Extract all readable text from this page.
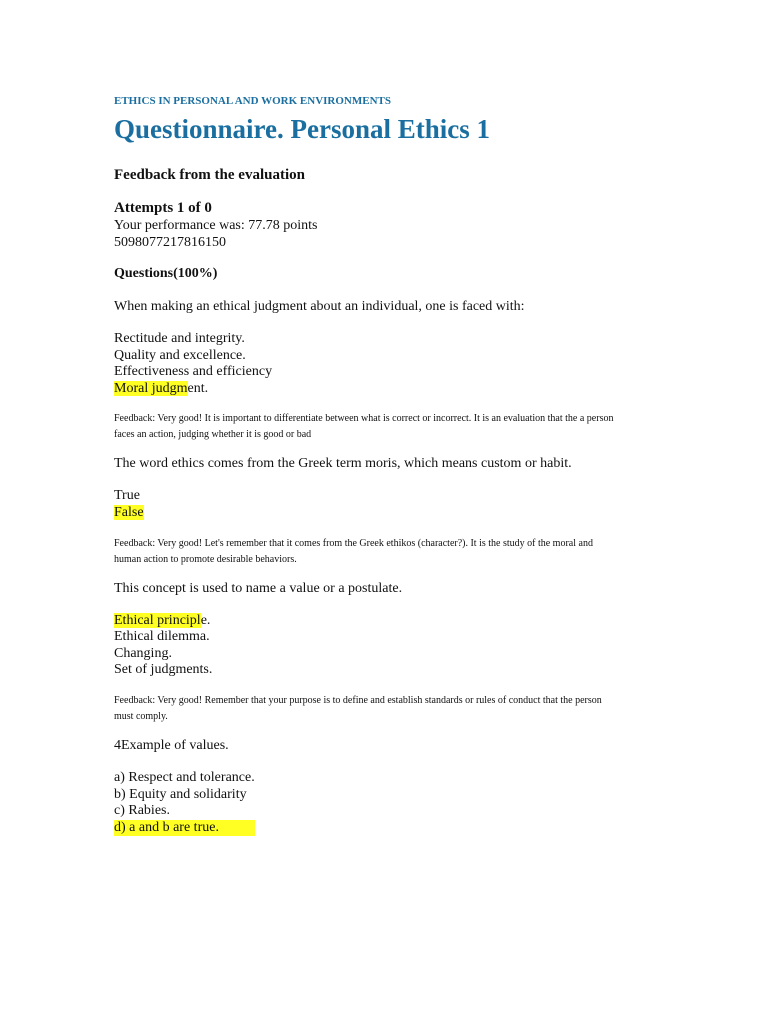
ETHICS IN PERSONAL AND WORK ENVIRONMENTS

Questionnaire. Personal Ethics 1

Feedback from the evaluation

Attempts 1 of 0

Your performance was: 77.78 points

5098077217816150

Questions(100%)

When making an ethical judgment about an individual, one is faced with:

Rectitude and integrity.

Quality and excellence.

Effectiveness and efficiency

Moral judgment.

Feedback: Very good! It is important to differentiate between what is correct or incorrect. It is an evaluation that the a person faces an action, judging whether it is good or bad

The word ethics comes from the Greek term moris, which means custom or habit.

True

False

Feedback: Very good! Let's remember that it comes from the Greek ethikos (character?). It is the study of the moral and human action to promote desirable behaviors.

This concept is used to name a value or a postulate.

Ethical principle.

Ethical dilemma.

Changing.

Set of judgments.

Feedback: Very good! Remember that your purpose is to define and establish standards or rules of conduct that the person must comply.

4Example of values.

a) Respect and tolerance.

b) Equity and solidarity

c) Rabies.

d) a and b are true.
